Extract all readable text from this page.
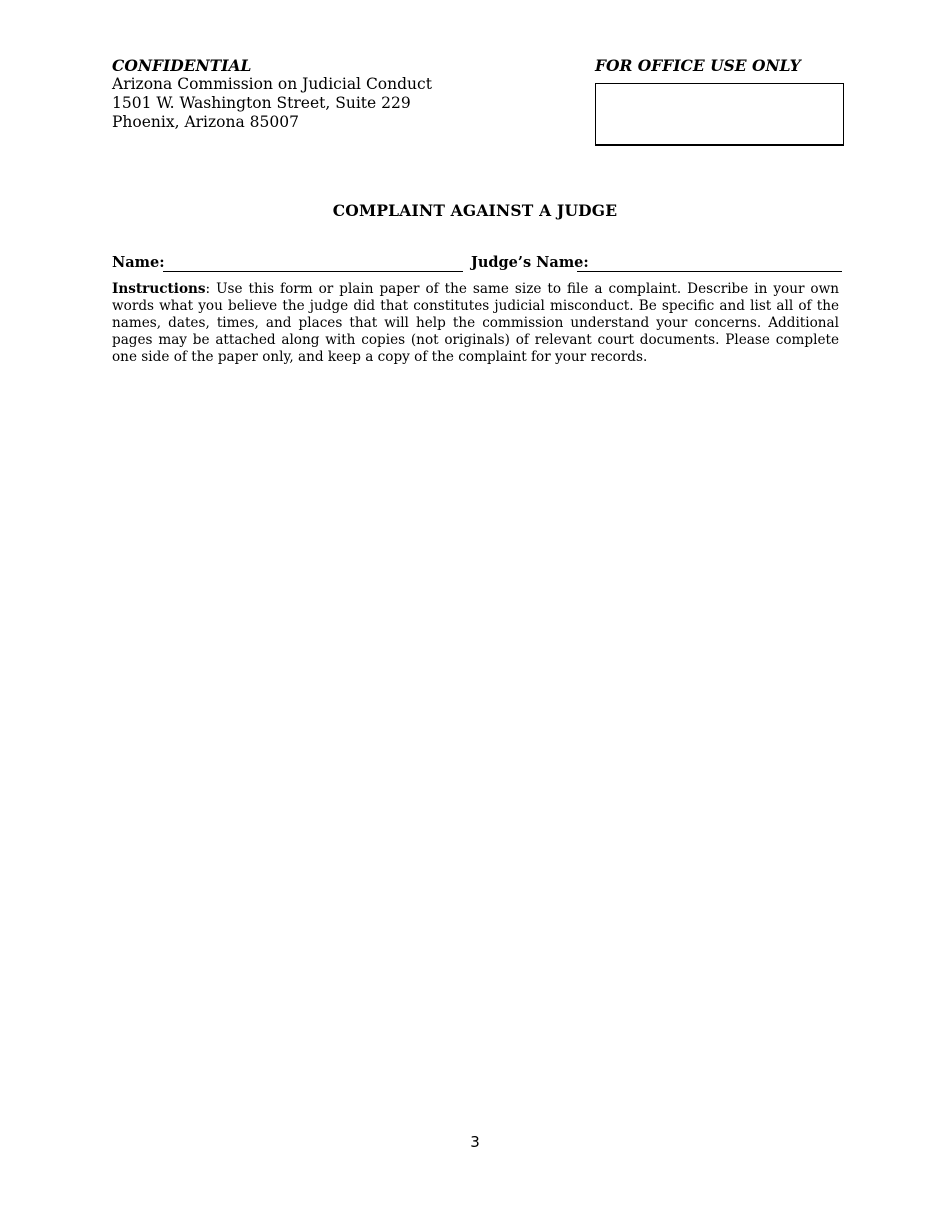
CONFIDENTIAL
Arizona Commission on Judicial Conduct
1501 W. Washington Street, Suite 229
Phoenix, Arizona 85007
FOR OFFICE USE ONLY
COMPLAINT AGAINST A JUDGE
Name:	Judge’s Name:

Instructions: Use this form or plain paper of the same size to file a complaint. Describe in your own words what you believe the judge did that constitutes judicial misconduct. Be specific and list all of the names, dates, times, and places that will help the commission understand your concerns. Additional pages may be attached along with copies (not originals) of relevant court documents. Please complete one side of the paper only, and keep a copy of the complaint for your records.

3
